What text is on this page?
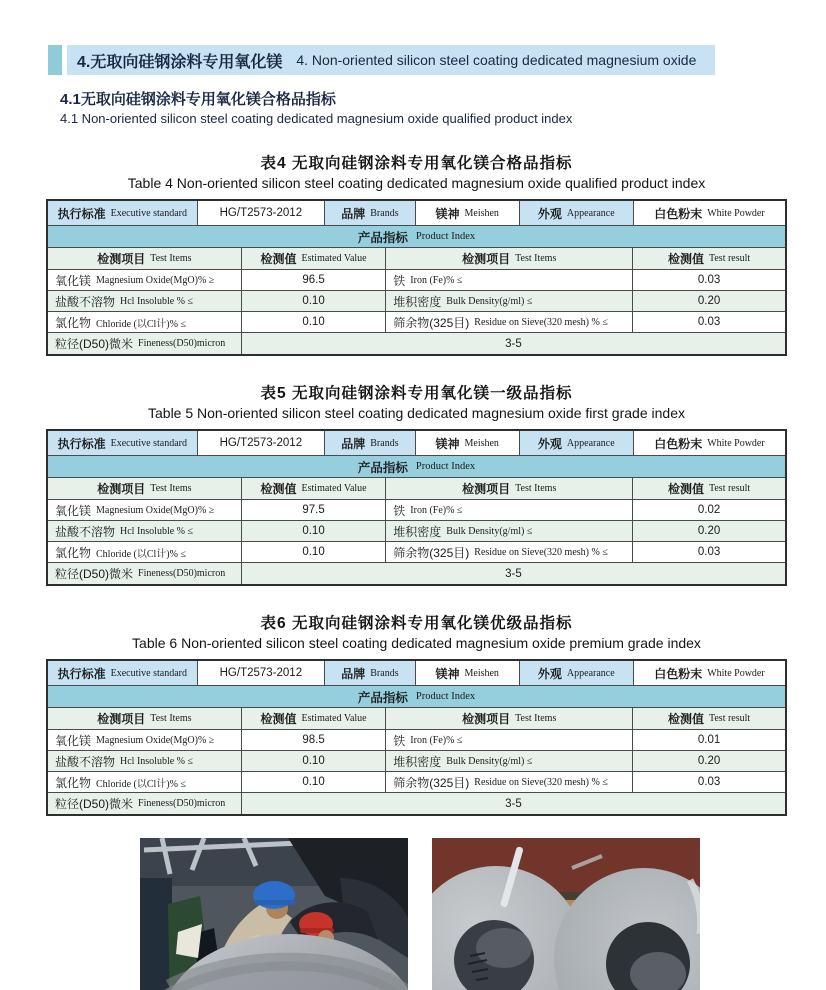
4.无取向硅钢涂料专用氧化镁 4. Non-oriented silicon steel coating dedicated magnesium oxide
4.1无取向硅钢涂料专用氧化镁合格品指标
4.1 Non-oriented silicon steel coating dedicated magnesium oxide qualified product index
表4 无取向硅钢涂料专用氧化镁合格品指标
Table 4 Non-oriented silicon steel coating dedicated magnesium oxide qualified product index
执行标准 Executive standard	HG/T2573-2012	品牌 Brands	镁神 Meishen	外观 Appearance	白色粉末 White Powder
产品指标 Product Index
检测项目 Test Items	检测值 Estimated Value	检测项目 Test Items	检测值 Test result
氧化镁 Magnesium Oxide(MgO)% ≥	96.5	铁 Iron (Fe)% ≤	0.03
盐酸不溶物 Hcl Insoluble % ≤	0.10	堆积密度 Bulk Density(g/ml) ≤	0.20
氯化物 Chloride (以Cl计)% ≤	0.10	筛余物(325目) Residue on Sieve(320 mesh) % ≤	0.03
粒径(D50)微米 Fineness(D50)micron	3-5
表5 无取向硅钢涂料专用氧化镁一级品指标
Table 5 Non-oriented silicon steel coating dedicated magnesium oxide first grade index
执行标准 Executive standard	HG/T2573-2012	品牌 Brands	镁神 Meishen	外观 Appearance	白色粉末 White Powder
产品指标 Product Index
检测项目 Test Items	检测值 Estimated Value	检测项目 Test Items	检测值 Test result
氧化镁 Magnesium Oxide(MgO)% ≥	97.5	铁 Iron (Fe)% ≤	0.02
盐酸不溶物 Hcl Insoluble % ≤	0.10	堆积密度 Bulk Density(g/ml) ≤	0.20
氯化物 Chloride (以Cl计)% ≤	0.10	筛余物(325目) Residue on Sieve(320 mesh) % ≤	0.03
粒径(D50)微米 Fineness(D50)micron	3-5
表6 无取向硅钢涂料专用氧化镁优级品指标
Table 6 Non-oriented silicon steel coating dedicated magnesium oxide premium grade index
执行标准 Executive standard	HG/T2573-2012	品牌 Brands	镁神 Meishen	外观 Appearance	白色粉末 White Powder
产品指标 Product Index
检测项目 Test Items	检测值 Estimated Value	检测项目 Test Items	检测值 Test result
氧化镁 Magnesium Oxide(MgO)% ≥	98.5	铁 Iron (Fe)% ≤	0.01
盐酸不溶物 Hcl Insoluble % ≤	0.10	堆积密度 Bulk Density(g/ml) ≤	0.20
氯化物 Chloride (以Cl计)% ≤	0.10	筛余物(325目) Residue on Sieve(320 mesh) % ≤	0.03
粒径(D50)微米 Fineness(D50)micron	3-5
